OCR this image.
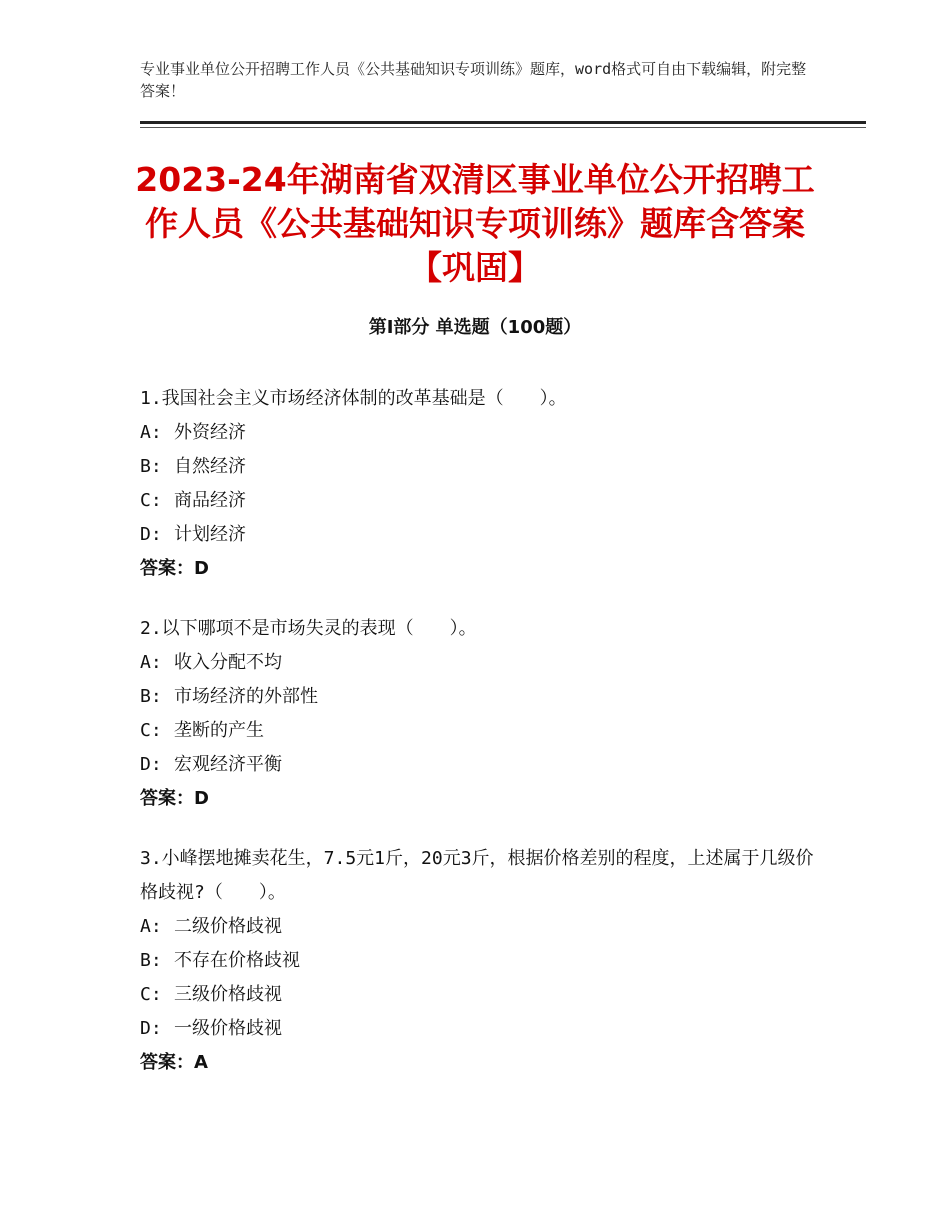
专业事业单位公开招聘工作人员《公共基础知识专项训练》题库，word格式可自由下载编辑，附完整答案！
2023-24年湖南省双清区事业单位公开招聘工作人员《公共基础知识专项训练》题库含答案【巩固】
第Ⅰ部分 单选题（100题）
1.我国社会主义市场经济体制的改革基础是（　　）。
A: 外资经济
B: 自然经济
C: 商品经济
D: 计划经济
答案：D
2.以下哪项不是市场失灵的表现（　　）。
A: 收入分配不均
B: 市场经济的外部性
C: 垄断的产生
D: 宏观经济平衡
答案：D
3.小峰摆地摊卖花生，7.5元1斤，20元3斤，根据价格差别的程度，上述属于几级价格歧视?（　　）。
A: 二级价格歧视
B: 不存在价格歧视
C: 三级价格歧视
D: 一级价格歧视
答案：A
